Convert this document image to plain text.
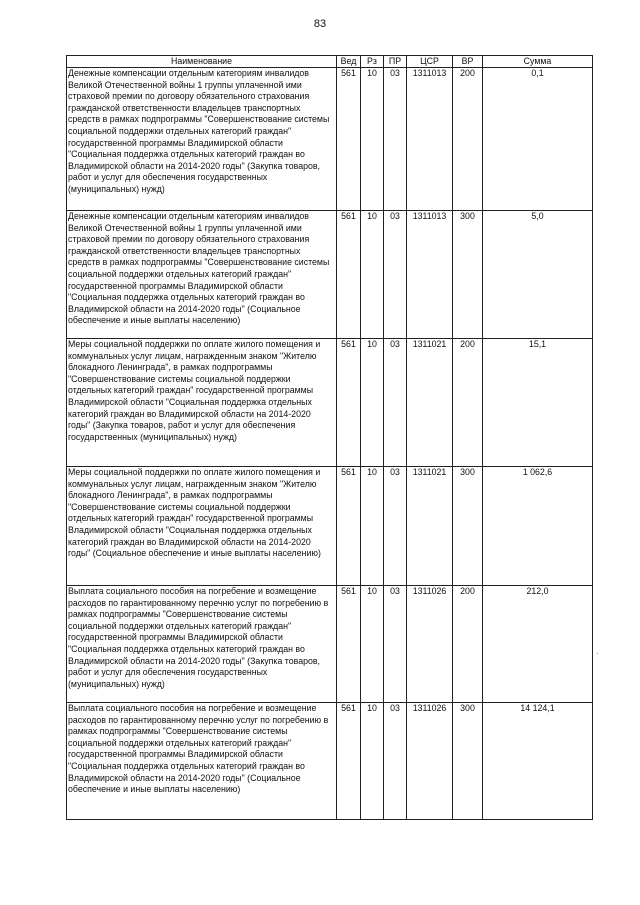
83
Наименование	Вед	Рз	ПР	ЦСР	ВР	Сумма
Денежные компенсации отдельным категориям инвалидов Великой Отечественной войны 1 группы уплаченной ими страховой премии по договору обязательного страхования гражданской ответственности владельцев транспортных средств в рамках подпрограммы "Совершенствование системы социальной поддержки отдельных категорий граждан" государственной программы Владимирской области "Социальная поддержка отдельных категорий граждан во Владимирской области на 2014-2020 годы" (Закупка товаров, работ и услуг для обеспечения государственных (муниципальных) нужд)	561	10	03	1311013	200	0,1
Денежные компенсации отдельным категориям инвалидов Великой Отечественной войны 1 группы уплаченной ими страховой премии по договору обязательного страхования гражданской ответственности владельцев транспортных средств в рамках подпрограммы "Совершенствование системы социальной поддержки отдельных категорий граждан" государственной программы Владимирской области "Социальная поддержка отдельных категорий граждан во Владимирской области на 2014-2020 годы" (Социальное обеспечение и иные выплаты населению)	561	10	03	1311013	300	5,0
Меры социальной поддержки по оплате жилого помещения и коммунальных услуг лицам, награжденным знаком "Жителю блокадного Ленинграда", в рамках подпрограммы "Совершенствование системы социальной поддержки отдельных категорий граждан" государственной программы Владимирской области "Социальная поддержка отдельных категорий граждан во Владимирской области на 2014-2020 годы" (Закупка товаров, работ и услуг для обеспечения государственных (муниципальных) нужд)	561	10	03	1311021	200	15,1
Меры социальной поддержки по оплате жилого помещения и коммунальных услуг лицам, награжденным знаком "Жителю блокадного Ленинграда", в рамках подпрограммы "Совершенствование системы социальной поддержки отдельных категорий граждан" государственной программы Владимирской области "Социальная поддержка отдельных категорий граждан во Владимирской области на 2014-2020 годы" (Социальное обеспечение и иные выплаты населению)	561	10	03	1311021	300	1 062,6
Выплата социального пособия на погребение и возмещение расходов по гарантированному перечню услуг по погребению в рамках подпрограммы "Совершенствование системы социальной поддержки отдельных категорий граждан" государственной программы Владимирской области "Социальная поддержка отдельных категорий граждан во Владимирской области на 2014-2020 годы" (Закупка товаров, работ и услуг для обеспечения государственных (муниципальных) нужд)	561	10	03	1311026	200	212,0
Выплата социального пособия на погребение и возмещение расходов по гарантированному перечню услуг по погребению в рамках подпрограммы "Совершенствование системы социальной поддержки отдельных категорий граждан" государственной программы Владимирской области "Социальная поддержка отдельных категорий граждан во Владимирской области на 2014-2020 годы" (Социальное обеспечение и иные выплаты населению)	561	10	03	1311026	300	14 124,1
